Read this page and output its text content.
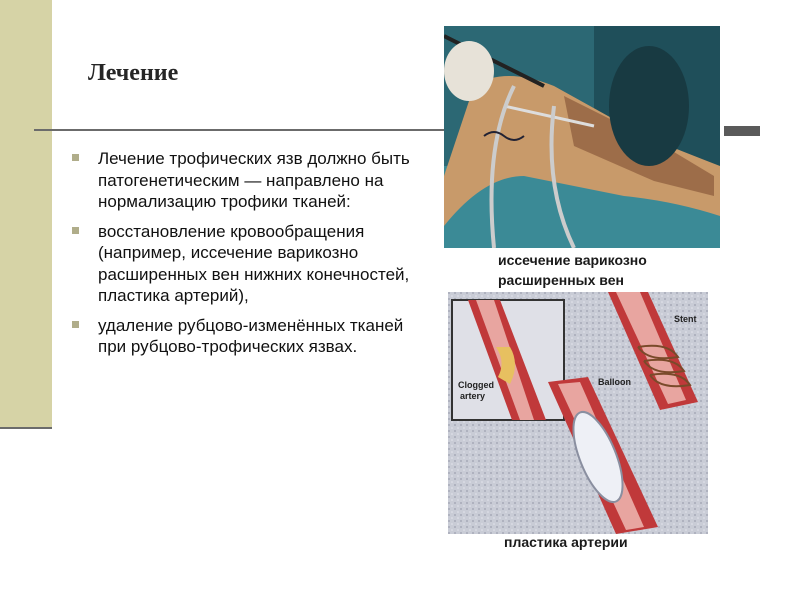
Лечение
Лечение трофических язв должно быть патогенетическим — направлено на нормализацию трофики тканей:
восстановление кровообращения (например, иссечение варикозно расширенных вен нижних конечностей, пластика артерий),
удаление рубцово-изменённых тканей при рубцово-трофических язвах.
иссечение варикозно
расширенных вен
Clogged
artery
Balloon
Stent
пластика артерии
